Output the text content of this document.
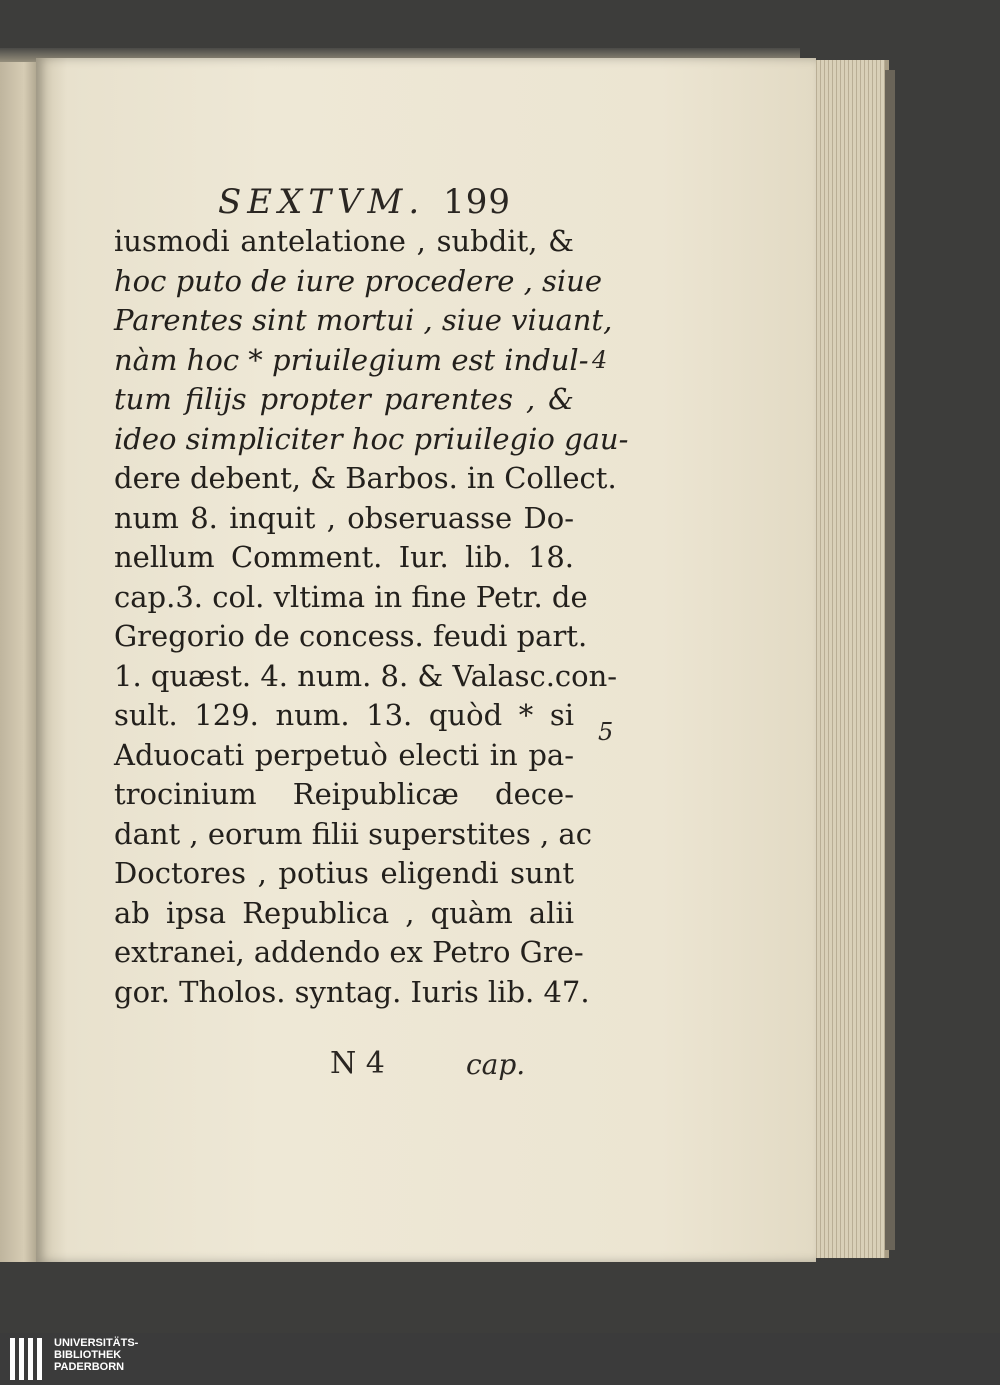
SEXTVM. 199
iusmodi antelatione , subdit, &
hoc puto de iure procedere , siue
Parentes sint mortui , siue viuant,
nàm hoc * priuilegium est indul-
tum filijs propter parentes , &
ideo simpliciter hoc priuilegio gau-
dere debent, & Barbos. in Collect.
num 8. inquit , obseruasse Do-
nellum Comment. Iur. lib. 18.
cap.3. col. vltima in fine Petr. de
Gregorio de concess. feudi part.
1. quæst. 4. num. 8. & Valasc.con-
sult. 129. num. 13. quòd * si
Aduocati perpetuò electi in pa-
trocinium Reipublicæ dece-
dant , eorum filii superstites , ac
Doctores , potius eligendi sunt
ab ipsa Republica , quàm alii
extranei, addendo ex Petro Gre-
gor. Tholos. syntag. Iuris lib. 47.
4
5
N 4	cap.
UNIVERSITÄTS-
BIBLIOTHEK
PADERBORN
